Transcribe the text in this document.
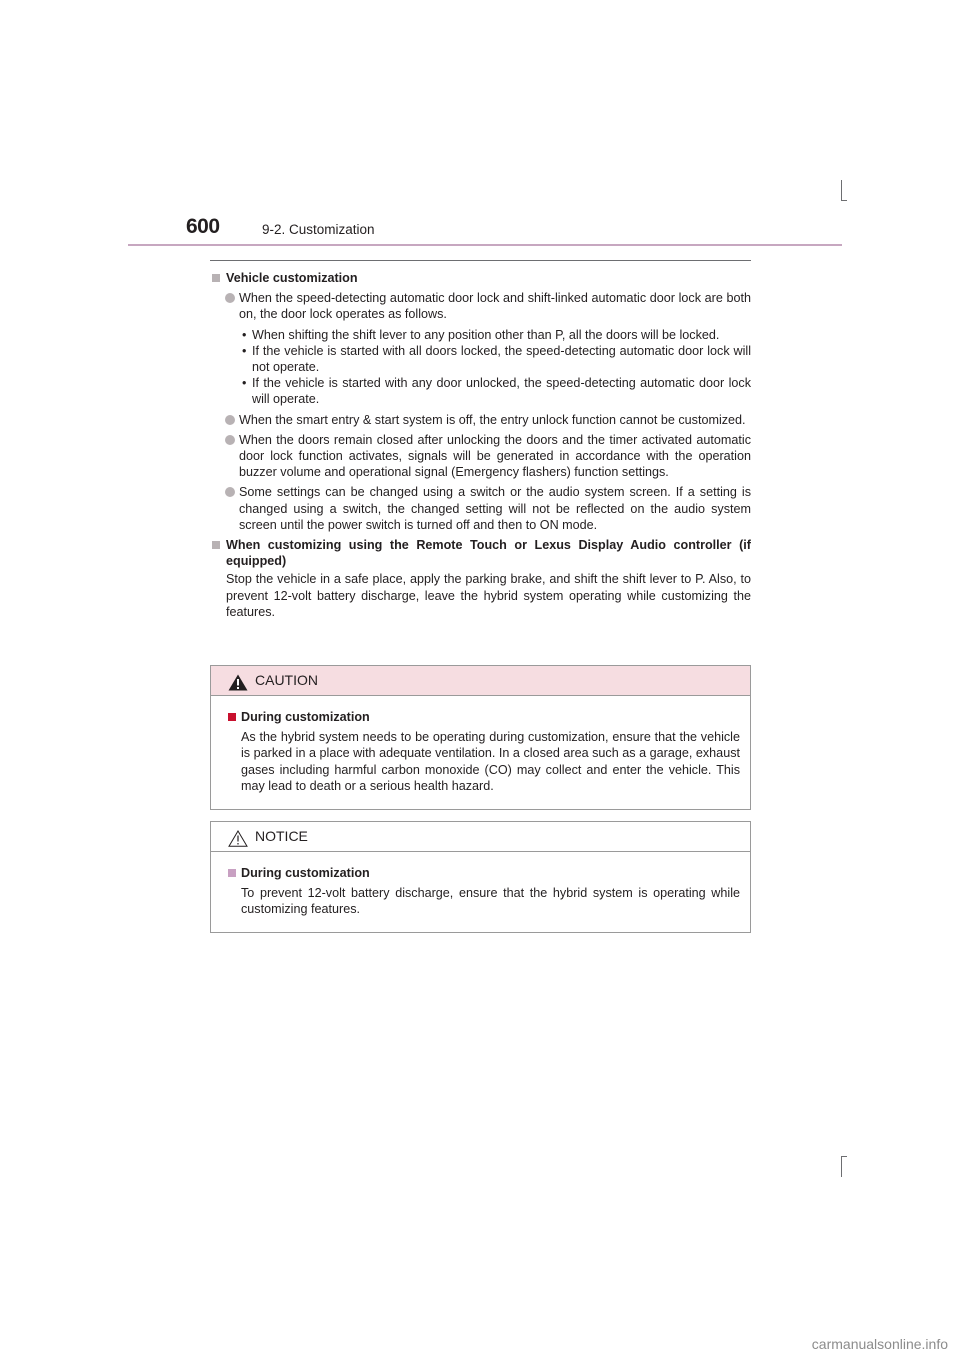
600	9-2. Customization
Vehicle customization
When the speed-detecting automatic door lock and shift-linked automatic door lock are both on, the door lock operates as follows.
• When shifting the shift lever to any position other than P, all the doors will be locked.
• If the vehicle is started with all doors locked, the speed-detecting automatic door lock will not operate.
• If the vehicle is started with any door unlocked, the speed-detecting automatic door lock will operate.
When the smart entry & start system is off, the entry unlock function cannot be customized.
When the doors remain closed after unlocking the doors and the timer activated automatic door lock function activates, signals will be generated in accordance with the operation buzzer volume and operational signal (Emergency flashers) function settings.
Some settings can be changed using a switch or the audio system screen. If a setting is changed using a switch, the changed setting will not be reflected on the audio system screen until the power switch is turned off and then to ON mode.
When customizing using the Remote Touch or Lexus Display Audio controller (if equipped)
Stop the vehicle in a safe place, apply the parking brake, and shift the shift lever to P. Also, to prevent 12-volt battery discharge, leave the hybrid system operating while customizing the features.
CAUTION
During customization
As the hybrid system needs to be operating during customization, ensure that the vehicle is parked in a place with adequate ventilation. In a closed area such as a garage, exhaust gases including harmful carbon monoxide (CO) may collect and enter the vehicle. This may lead to death or a serious health hazard.
NOTICE
During customization
To prevent 12-volt battery discharge, ensure that the hybrid system is operating while customizing features.
carmanualsonline.info
